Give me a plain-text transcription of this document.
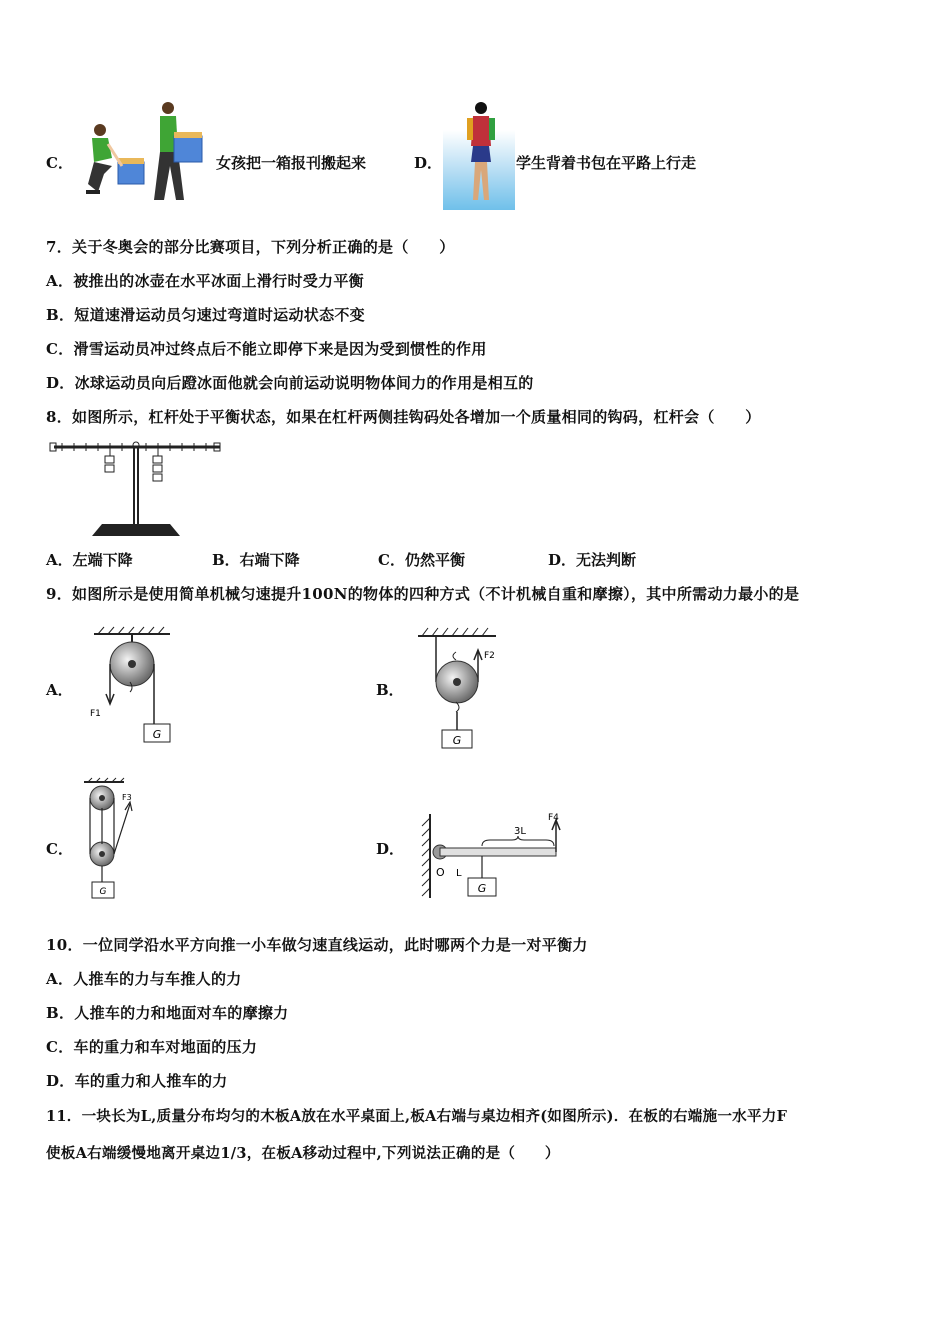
C．	女孩把一箱报刊搬起来	D．	学生背着书包在平路上行走
7．关于冬奥会的部分比赛项目，下列分析正确的是（　　）
A．被推出的冰壶在水平冰面上滑行时受力平衡
B．短道速滑运动员匀速过弯道时运动状态不变
C．滑雪运动员冲过终点后不能立即停下来是因为受到惯性的作用
D．冰球运动员向后蹬冰面他就会向前运动说明物体间力的作用是相互的
8．如图所示，杠杆处于平衡状态，如果在杠杆两侧挂钩码处各增加一个质量相同的钩码，杠杆会（　　）
A．左端下降	B．右端下降	C．仍然平衡	D．无法判断
9．如图所示是使用简单机械匀速提升100N的物体的四种方式（不计机械自重和摩擦），其中所需动力最小的是
A．
G
F1
B．
G
F2
C．
G
F3
D．
G
O L
3L
F4
10．一位同学沿水平方向推一小车做匀速直线运动，此时哪两个力是一对平衡力
A．人推车的力与车推人的力
B．人推车的力和地面对车的摩擦力
C．车的重力和车对地面的压力
D．车的重力和人推车的力
11．一块长为L,质量分布均匀的木板A放在水平桌面上,板A右端与桌边相齐(如图所示)．在板的右端施一水平力F
使板A右端缓慢地离开桌边1/3，在板A移动过程中,下列说法正确的是（　　）
